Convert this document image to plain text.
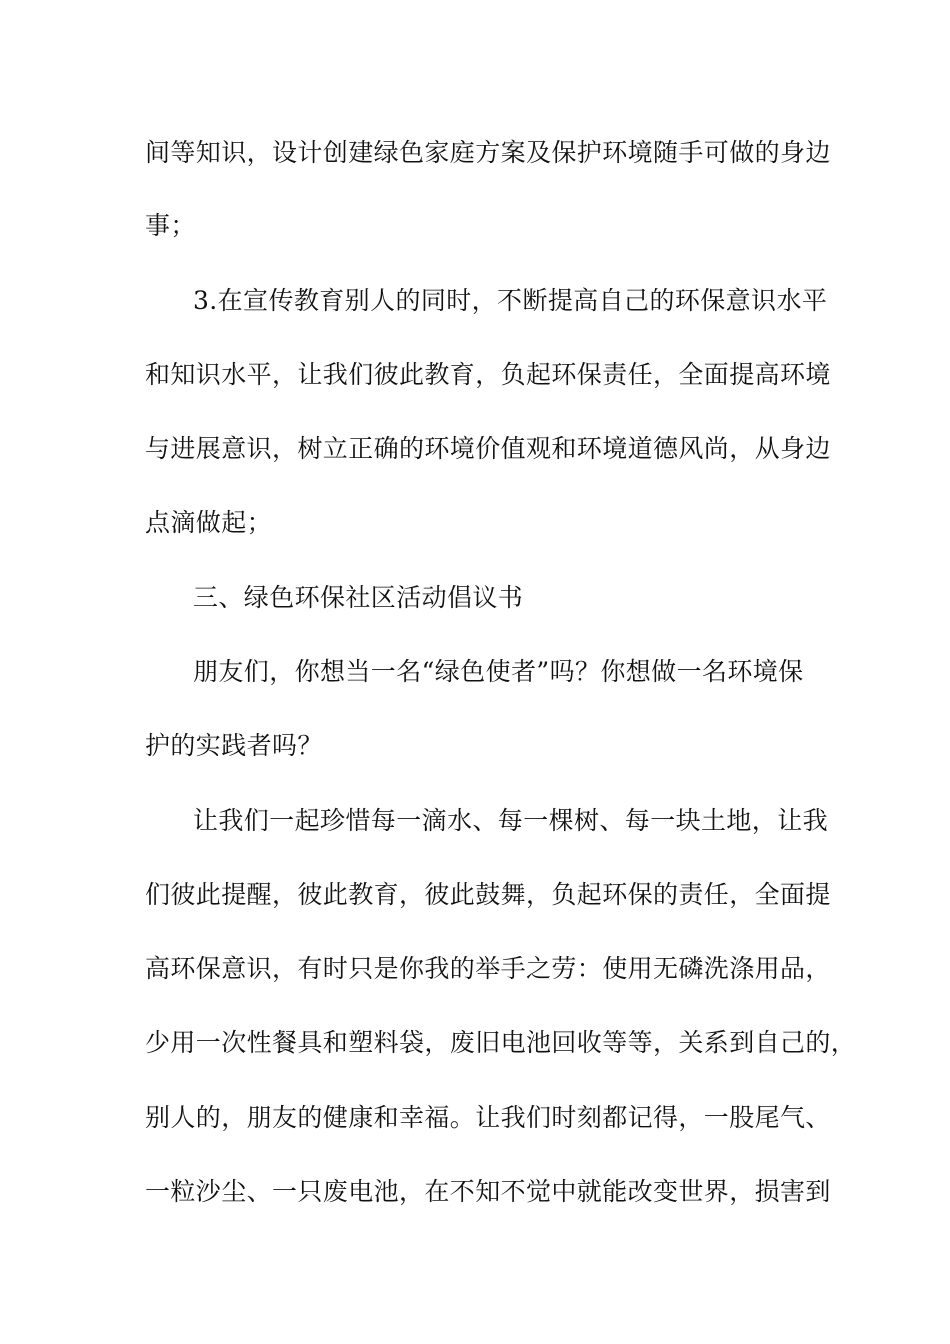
间等知识，设计创建绿色家庭方案及保护环境随手可做的身边
事；
3.在宣传教育别人的同时，不断提高自己的环保意识水平
和知识水平，让我们彼此教育，负起环保责任，全面提高环境
与进展意识，树立正确的环境价值观和环境道德风尚，从身边
点滴做起；
三、绿色环保社区活动倡议书
朋友们，你想当一名“绿色使者”吗？你想做一名环境保
护的实践者吗？
让我们一起珍惜每一滴水、每一棵树、每一块土地，让我
们彼此提醒，彼此教育，彼此鼓舞，负起环保的责任，全面提
高环保意识，有时只是你我的举手之劳：使用无磷洗涤用品，
少用一次性餐具和塑料袋，废旧电池回收等等，关系到自己的，
别人的，朋友的健康和幸福。让我们时刻都记得，一股尾气、
一粒沙尘、一只废电池，在不知不觉中就能改变世界，损害到
